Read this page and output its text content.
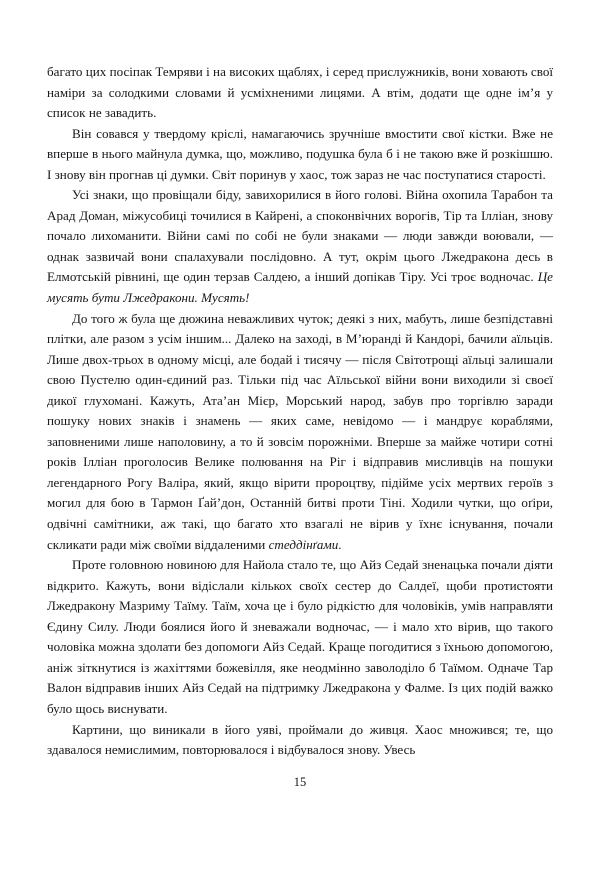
багато цих посіпак Темряви і на високих щаблях, і серед прислужників, вони ховають свої наміри за солодкими словами й усміхненими лицями. А втім, додати ще одне ім’я у список не завадить.

Він совався у твердому кріслі, намагаючись зручніше вмостити свої кістки. Вже не вперше в нього майнула думка, що, можливо, подушка була б і не такою вже й розкішшю. І знову він прогнав ці думки. Світ поринув у хаос, тож зараз не час поступатися старості.

Усі знаки, що провіщали біду, завихорилися в його голові. Війна охопила Тарабон та Арад Доман, міжусобиці точилися в Кайрені, а споконвічних ворогів, Тір та Ілліан, знову почало лихоманити. Війни самі по собі не були знаками — люди завжди воювали, — однак зазвичай вони спалахували послідовно. А тут, окрім цього Лжедракона десь в Елмотській рівнині, ще один терзав Салдею, а інший допікав Тіру. Усі троє водночас. Це мусять бути Лжедракони. Мусять!

До того ж була ще дюжина неважливих чуток; деякі з них, мабуть, лише безпідставні плітки, але разом з усім іншим... Далеко на заході, в М’юранді й Кандорі, бачили аїльців. Лише двох-трьох в одному місці, але бодай і тисячу — після Світотрощі аїльці залишали свою Пустелю один-єдиний раз. Тільки під час Аїльської війни вони виходили зі своєї дикої глухомані. Кажуть, Ата’ан Мієр, Морський народ, забув про торгівлю заради пошуку нових знаків і знамень — яких саме, невідомо — і мандрує кораблями, заповненими лише наполовину, а то й зовсім порожніми. Вперше за майже чотири сотні років Ілліан проголосив Велике полювання на Ріг і відправив мисливців на пошуки легендарного Рогу Валіра, який, якщо вірити пророцтву, підійме усіх мертвих героїв з могил для бою в Тармон Ґай’дон, Останній битві проти Тіні. Ходили чутки, що оґіри, одвічні самітники, аж такі, що багато хто взагалі не вірив у їхнє існування, почали скликати ради між своїми віддаленими стеддінґами.

Проте головною новиною для Найола стало те, що Айз Седай зненацька почали діяти відкрито. Кажуть, вони відіслали кількох своїх сестер до Салдеї, щоби протистояти Лжедракону Мазриму Таїму. Таїм, хоча це і було рідкістю для чоловіків, умів направляти Єдину Силу. Люди боялися його й зневажали водночас, — і мало хто вірив, що такого чоловіка можна здолати без допомоги Айз Седай. Краще погодитися з їхньою допомогою, аніж зіткнутися із жахіттями божевілля, яке неодмінно заволоділо б Таїмом. Одначе Тар Валон відправив інших Айз Седай на підтримку Лжедракона у Фалме. Із цих подій важко було щось виснувати.

Картини, що виникали в його уяві, проймали до живця. Хаос множився; те, що здавалося немислимим, повторювалося і відбувалося знову. Увесь

15
